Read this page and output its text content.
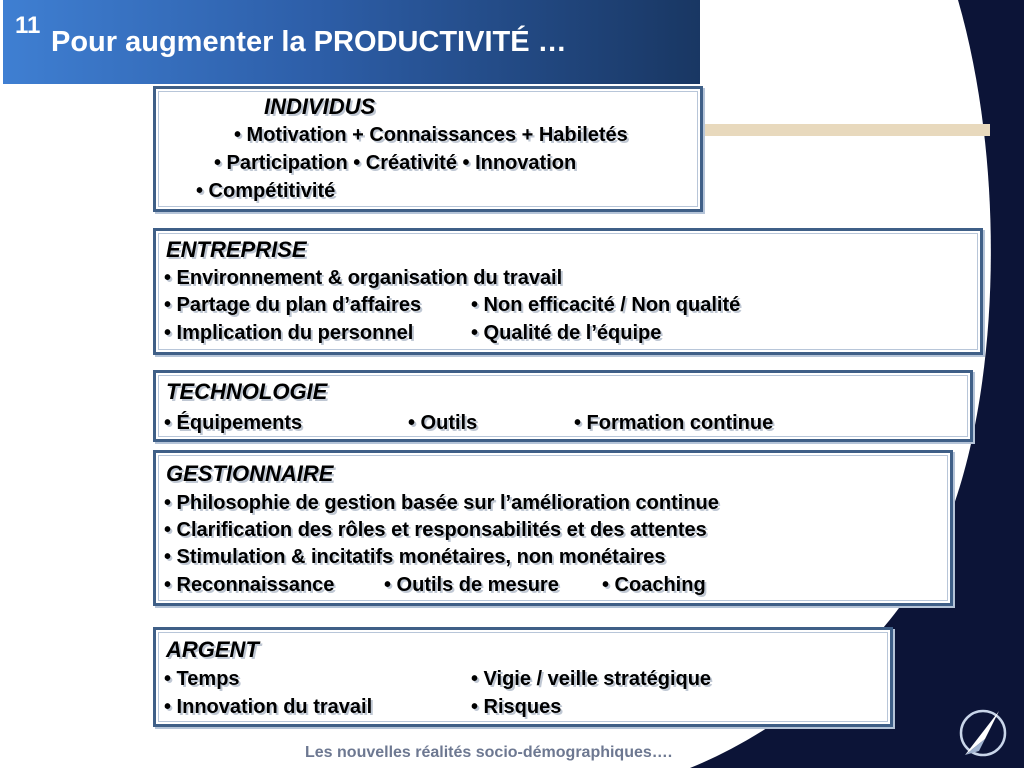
11
Pour augmenter la PRODUCTIVITÉ …
INDIVIDUS
• Motivation + Connaissances + Habiletés
• Participation • Créativité • Innovation
• Compétitivité
ENTREPRISE
• Environnement & organisation du travail
• Partage du plan d’affaires • Non efficacité / Non qualité
• Implication du personnel	• Qualité de l’équipe
TECHNOLOGIE
• Équipements	• Outils	• Formation continue
GESTIONNAIRE
• Philosophie de gestion basée sur l’amélioration continue
• Clarification des rôles et responsabilités et des attentes
• Stimulation & incitatifs monétaires, non monétaires
• Reconnaissance • Outils de mesure • Coaching
ARGENT
• Temps	• Vigie / veille stratégique
• Innovation du travail	• Risques
Les nouvelles réalités socio-démographiques….
